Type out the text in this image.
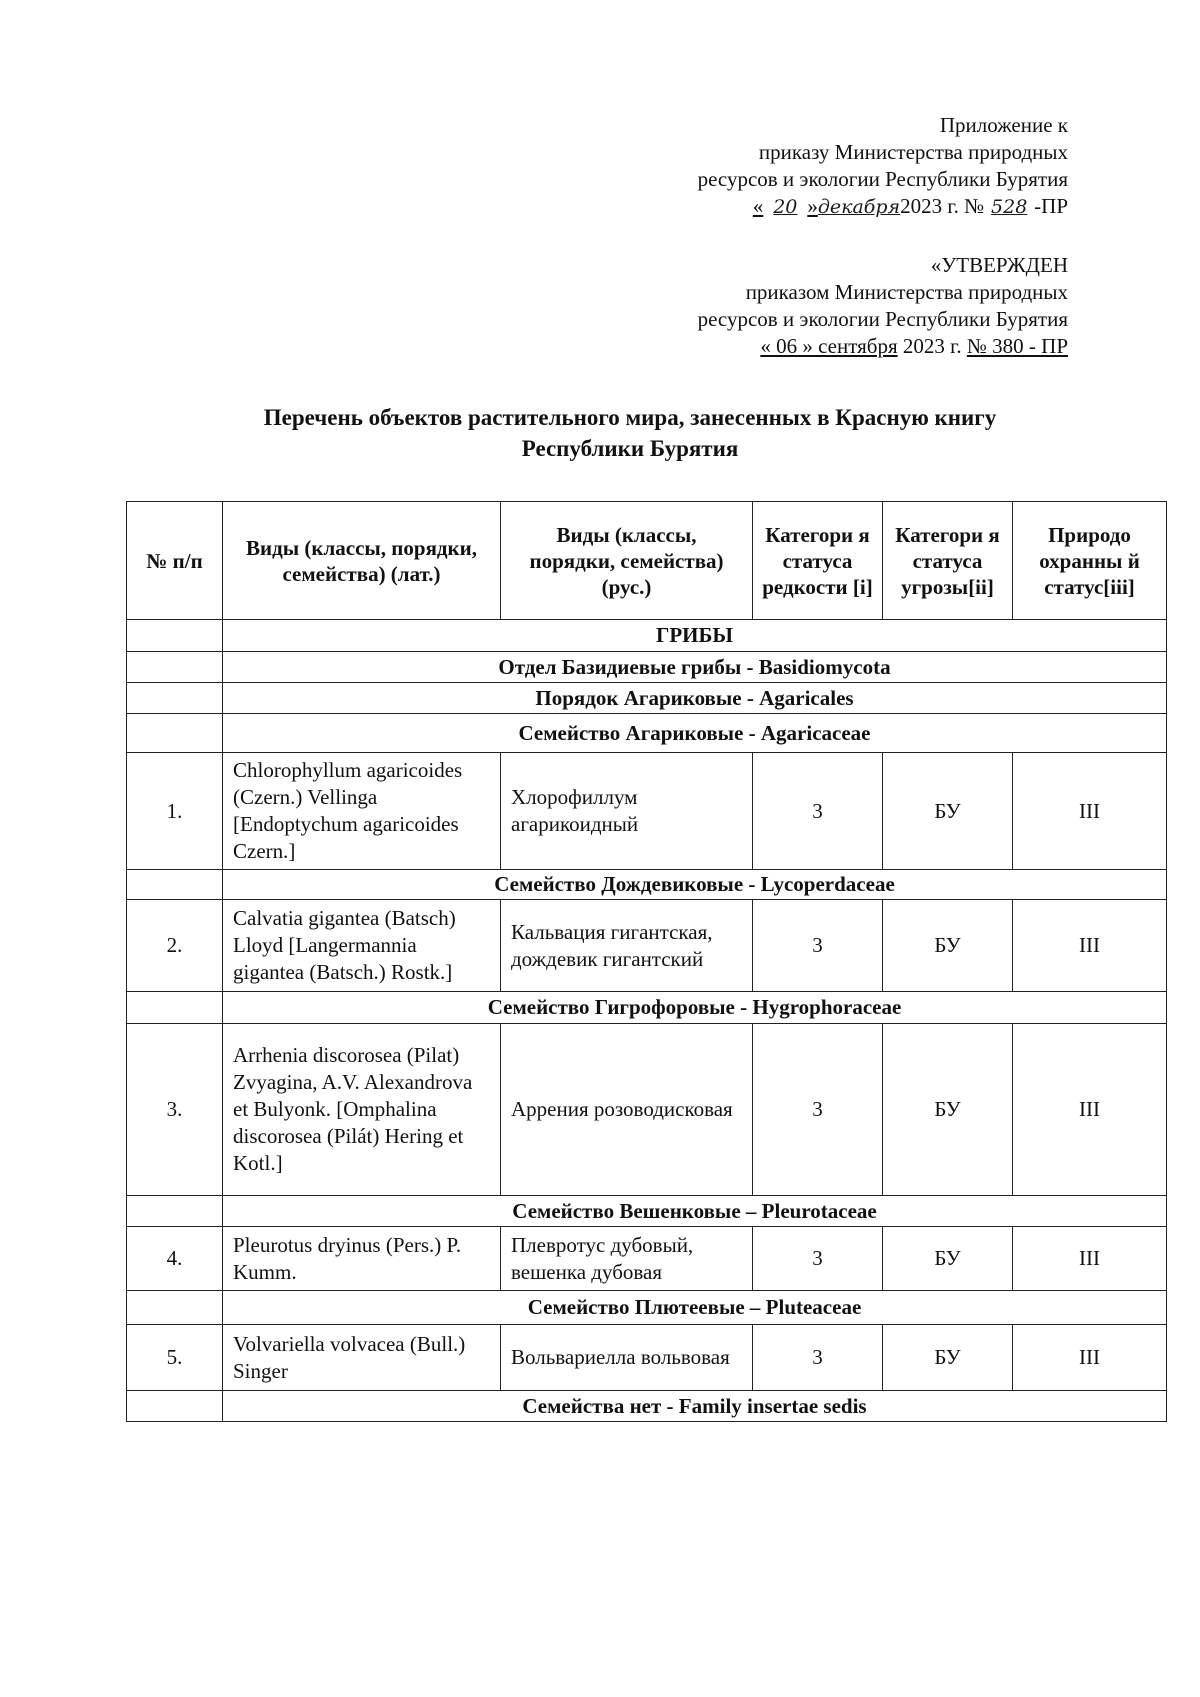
Приложение к
приказу Министерства природных
ресурсов и экологии Республики Бурятия
« 20 »декабря2023 г. № 528 -ПР
«УТВЕРЖДЕН
приказом Министерства природных
ресурсов и экологии Республики Бурятия
« 06 » сентября 2023 г. № 380 - ПР
Перечень объектов растительного мира, занесенных в Красную книгу
Республики Бурятия
№ п/п	Виды (классы, порядки, семейства) (лат.)	Виды (классы, порядки, семейства) (рус.)	Категори я статуса редкости [i]	Категори я статуса угрозы[ii]	Природо охранны й статус[iii]
	ГРИБЫ				
	Отдел Базидиевые грибы - Basidiomycota				
	Порядок Агариковые - Agaricales				
	Семейство Агариковые - Agaricaceae				
1.	Chlorophyllum agaricoides (Czern.) Vellinga [Endoptychum agaricoides Czern.]	Хлорофиллум агарикоидный	3	БУ	III
	Семейство Дождевиковые - Lycoperdaceae				
2.	Calvatia gigantea (Batsch) Lloyd [Langermannia gigantea (Batsch.) Rostk.]	Кальвация гигантская, дождевик гигантский	3	БУ	III
	Семейство Гигрофоровые - Hygrophoraceae				
3.	Arrhenia discorosea (Pilat) Zvyagina, A.V. Alexandrova et Bulyonk. [Omphalina discorosea (Pilát) Hering et Kotl.]	Аррения розоводисковая	3	БУ	III
	Семейство Вешенковые – Pleurotaceae				
4.	Pleurotus dryinus (Pers.) P. Kumm.	Плевротус дубовый, вешенка дубовая	3	БУ	III
	Семейство Плютеевые – Pluteaceae				
5.	Volvariella volvacea (Bull.) Singer	Вольвариелла вольвовая	3	БУ	III
	Семейства нет - Family insertae sedis				
